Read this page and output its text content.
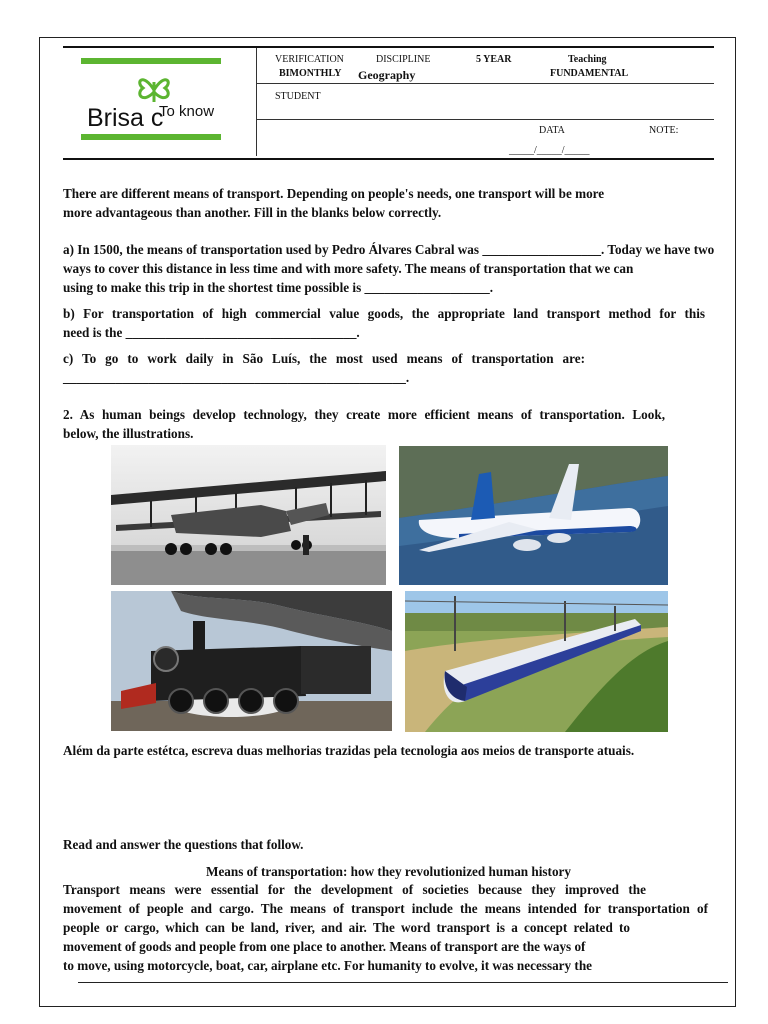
Brisa c
To know
VERIFICATION
BIMONTHLY
DISCIPLINE
Geography
5 YEAR	Teaching
FUNDAMENTAL
STUDENT
DATA	NOTE:
_____/_____/_____
There are different means of transport. Depending on people's needs, one transport will be more
more advantageous than another. Fill in the blanks below correctly.
a) In 1500, the means of transportation used by Pedro Álvares Cabral was __________________. Today we have two
ways to cover this distance in less time and with more safety. The means of transportation that we can
using to make this trip in the shortest time possible is ___________________.
b) For transportation of high commercial value goods, the appropriate land transport method for this
need is the ___________________________________.
c) To go to work daily in São Luís, the most used means of transportation are:
____________________________________________________.
2. As human beings develop technology, they create more efficient means of transportation. Look,
below, the illustrations.
Além da parte estétca, escreva duas melhorias trazidas pela tecnologia aos meios de transporte atuais.
Read and answer the questions that follow.
Means of transportation: how they revolutionized human history
Transport means were essential for the development of societies because they improved the
movement of people and cargo. The means of transport include the means intended for transportation of
people or cargo, which can be land, river, and air. The word transport is a concept related to
movement of goods and people from one place to another. Means of transport are the ways of
to move, using motorcycle, boat, car, airplane etc. For humanity to evolve, it was necessary the
